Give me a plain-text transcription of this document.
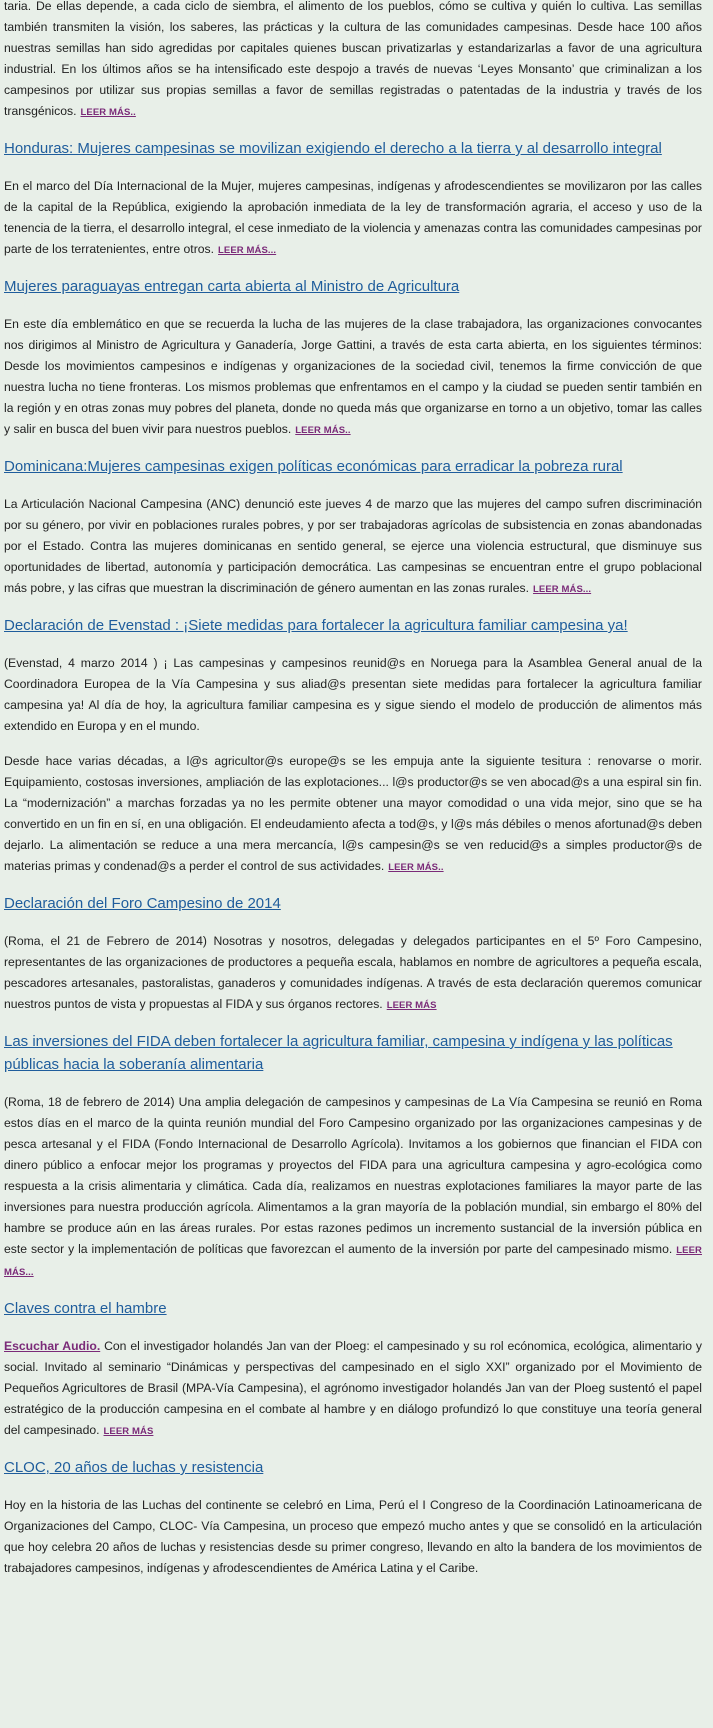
taria. De ellas depende, a cada ciclo de siembra, el alimento de los pueblos, cómo se cultiva y quién lo cultiva. Las semillas también transmiten la visión, los saberes, las prácticas y la cultura de las comunidades campesinas. Desde hace 100 años nuestras semillas han sido agredidas por capitales quienes buscan privatizarlas y estandarizarlas a favor de una agricultura industrial. En los últimos años se ha intensificado este despojo a través de nuevas ‘Leyes Monsanto’ que criminalizan a los campesinos por utilizar sus propias semillas a favor de semillas registradas o patentadas de la industria y través de los transgénicos. LEER MÁS..

Honduras: Mujeres campesinas se movilizan exigiendo el derecho a la tierra y al desarrollo integral

En el marco del Día Internacional de la Mujer, mujeres campesinas, indígenas y afrodescendientes se movilizaron por las calles de la capital de la República, exigiendo la aprobación inmediata de la ley de transformación agraria, el acceso y uso de la tenencia de la tierra, el desarrollo integral, el cese inmediato de la violencia y amenazas contra las comunidades campesinas por parte de los terratenientes, entre otros. LEER MÁS...

Mujeres paraguayas entregan carta abierta al Ministro de Agricultura

En este día emblemático en que se recuerda la lucha de las mujeres de la clase trabajadora, las organizaciones convocantes nos dirigimos al Ministro de Agricultura y Ganadería, Jorge Gattini, a través de esta carta abierta, en los siguientes términos: Desde los movimientos campesinos e indígenas y organizaciones de la sociedad civil, tenemos la firme convicción de que nuestra lucha no tiene fronteras. Los mismos problemas que enfrentamos en el campo y la ciudad se pueden sentir también en la región y en otras zonas muy pobres del planeta, donde no queda más que organizarse en torno a un objetivo, tomar las calles y salir en busca del buen vivir para nuestros pueblos. LEER MÁS..

Dominicana:Mujeres campesinas exigen políticas económicas para erradicar la pobreza rural

La Articulación Nacional Campesina (ANC) denunció este jueves 4 de marzo que las mujeres del campo sufren discriminación por su género, por vivir en poblaciones rurales pobres, y por ser trabajadoras agrícolas de subsistencia en zonas abandonadas por el Estado. Contra las mujeres dominicanas en sentido general, se ejerce una violencia estructural, que disminuye sus oportunidades de libertad, autonomía y participación democrática. Las campesinas se encuentran entre el grupo poblacional más pobre, y las cifras que muestran la discriminación de género aumentan en las zonas rurales. LEER MÁS...

Declaración de Evenstad : ¡Siete medidas para fortalecer la agricultura familiar campesina ya!

(Evenstad, 4 marzo 2014 ) ¡ Las campesinas y campesinos reunid@s en Noruega para la Asamblea General anual de la Coordinadora Europea de la Vía Campesina y sus aliad@s presentan siete medidas para fortalecer la agricultura familiar campesina ya! Al día de hoy, la agricultura familiar campesina es y sigue siendo el modelo de producción de alimentos más extendido en Europa y en el mundo.

Desde hace varias décadas, a l@s agricultor@s europe@s se les empuja ante la siguiente tesitura : renovarse o morir. Equipamiento, costosas inversiones, ampliación de las explotaciones... l@s productor@s se ven abocad@s a una espiral sin fin. La “modernización” a marchas forzadas ya no les permite obtener una mayor comodidad o una vida mejor, sino que se ha convertido en un fin en sí, en una obligación. El endeudamiento afecta a tod@s, y l@s más débiles o menos afortunad@s deben dejarlo. La alimentación se reduce a una mera mercancía, l@s campesin@s se ven reducid@s a simples productor@s de materias primas y condenad@s a perder el control de sus actividades. LEER MÁS..

Declaración del Foro Campesino de 2014

(Roma, el 21 de Febrero de 2014) Nosotras y nosotros, delegadas y delegados participantes en el 5º Foro Campesino, representantes de las organizaciones de productores a pequeña escala, hablamos en nombre de agricultores a pequeña escala, pescadores artesanales, pastoralistas, ganaderos y comunidades indígenas. A través de esta declaración queremos comunicar nuestros puntos de vista y propuestas al FIDA y sus órganos rectores. LEER MÁS

Las inversiones del FIDA deben fortalecer la agricultura familiar, campesina y indígena y las políticas públicas hacia la soberanía alimentaria

(Roma, 18 de febrero de 2014) Una amplia delegación de campesinos y campesinas de La Vía Campesina se reunió en Roma estos días en el marco de la quinta reunión mundial del Foro Campesino organizado por las organizaciones campesinas y de pesca artesanal y el FIDA (Fondo Internacional de Desarrollo Agrícola). Invitamos a los gobiernos que financian el FIDA con dinero público a enfocar mejor los programas y proyectos del FIDA para una agricultura campesina y agro-ecológica como respuesta a la crisis alimentaria y climática. Cada día, realizamos en nuestras explotaciones familiares la mayor parte de las inversiones para nuestra producción agrícola. Alimentamos a la gran mayoría de la población mundial, sin embargo el 80% del hambre se produce aún en las áreas rurales. Por estas razones pedimos un incremento sustancial de la inversión pública en este sector y la implementación de políticas que favorezcan el aumento de la inversión por parte del campesinado mismo. LEER MÁS...

Claves contra el hambre

Escuchar Audio. Con el investigador holandés Jan van der Ploeg: el campesinado y su rol ecónomica, ecológica, alimentario y social. Invitado al seminario “Dinámicas y perspectivas del campesinado en el siglo XXI” organizado por el Movimiento de Pequeños Agricultores de Brasil (MPA-Vía Campesina), el agrónomo investigador holandés Jan van der Ploeg sustentó el papel estratégico de la producción campesina en el combate al hambre y en diálogo profundizó lo que constituye una teoría general del campesinado. LEER MÁS

CLOC, 20 años de luchas y resistencia

Hoy en la historia de las Luchas del continente se celebró en Lima, Perú el I Congreso de la Coordinación Latinoamericana de Organizaciones del Campo, CLOC- Vía Campesina, un proceso que empezó mucho antes y que se consolidó en la articulación que hoy celebra 20 años de luchas y resistencias desde su primer congreso, llevando en alto la bandera de los movimientos de trabajadores campesinos, indígenas y afrodescendientes de América Latina y el Caribe.
